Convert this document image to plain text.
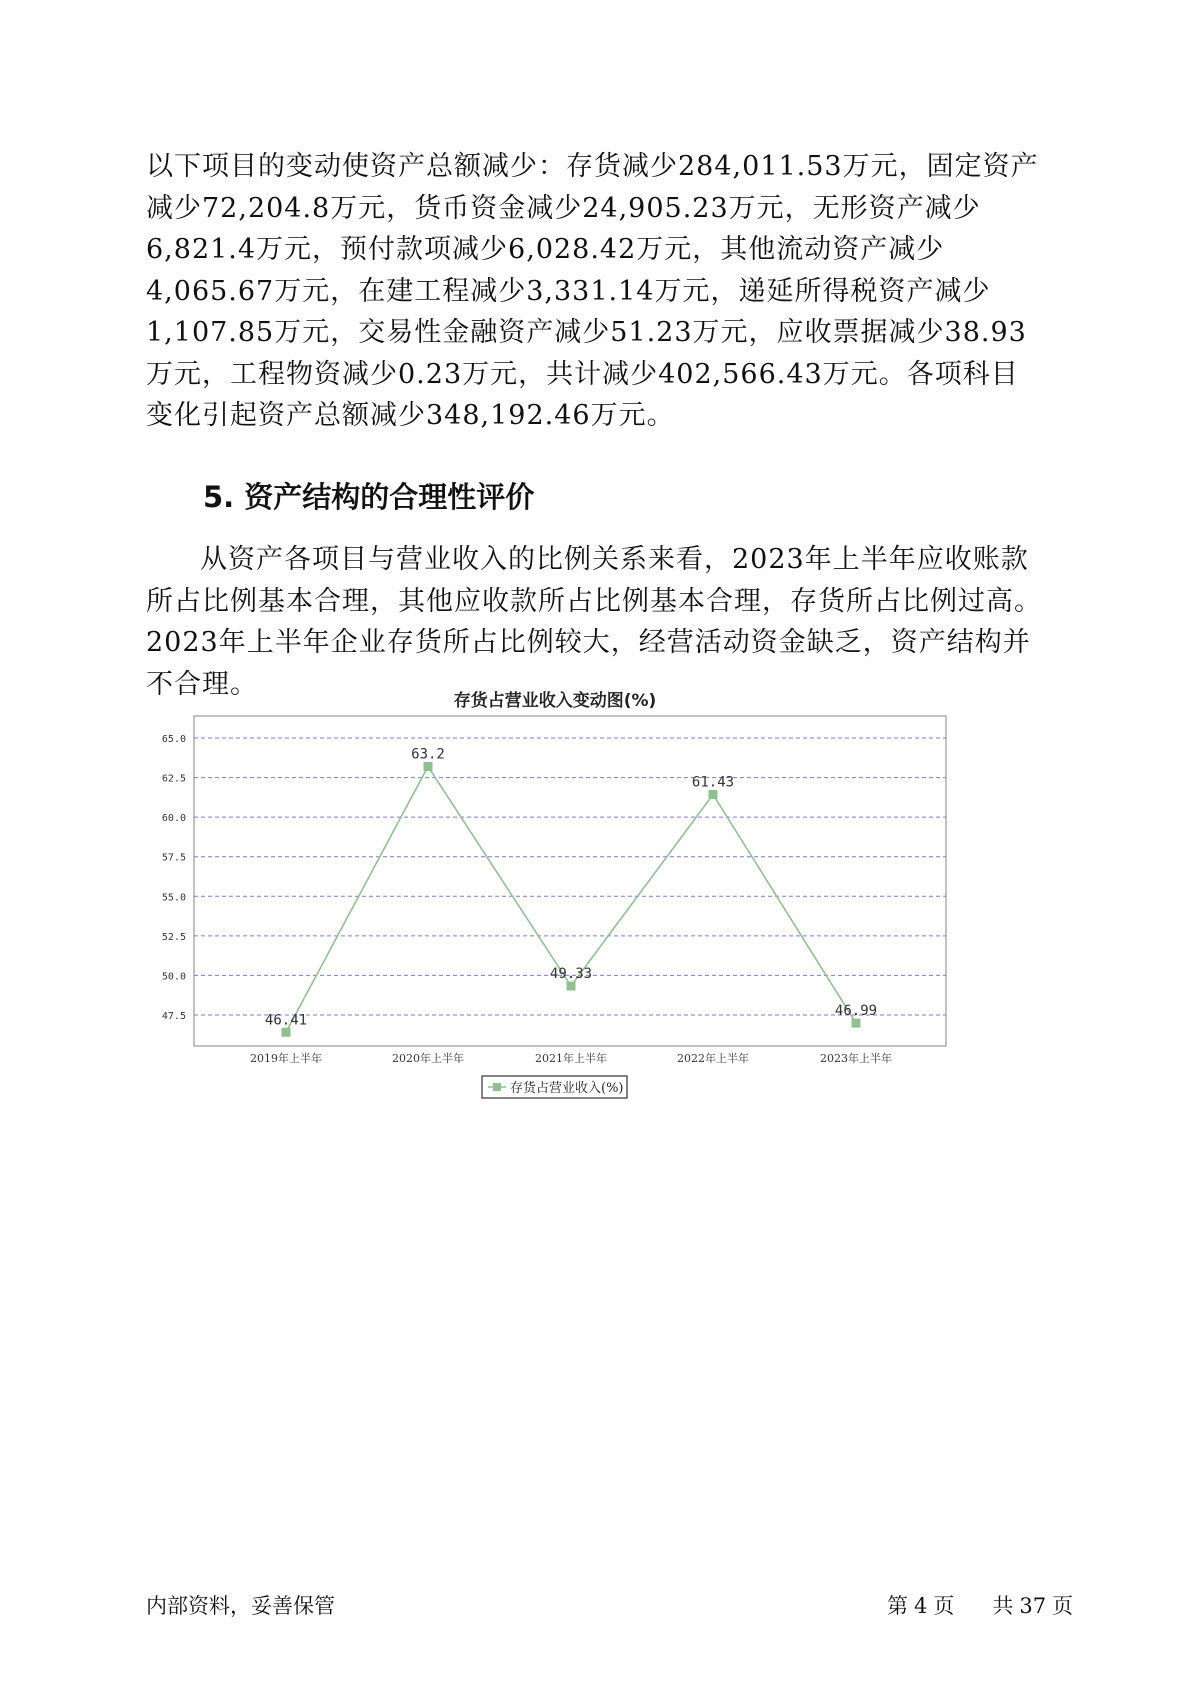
以下项目的变动使资产总额减少：存货减少284,011.53万元，固定资产减少72,204.8万元，货币资金减少24,905.23万元，无形资产减少6,821.4万元，预付款项减少6,028.42万元，其他流动资产减少4,065.67万元，在建工程减少3,331.14万元，递延所得税资产减少1,107.85万元，交易性金融资产减少51.23万元，应收票据减少38.93万元，工程物资减少0.23万元，共计减少402,566.43万元。各项科目变化引起资产总额减少348,192.46万元。
5. 资产结构的合理性评价
从资产各项目与营业收入的比例关系来看，2023年上半年应收账款所占比例基本合理，其他应收款所占比例基本合理，存货所占比例过高。2023年上半年企业存货所占比例较大，经营活动资金缺乏，资产结构并不合理。
存货占营业收入变动图(%)
47.5
50.0
52.5
55.0
57.5
60.0
62.5
65.0
2019年上半年	2020年上半年	2021年上半年	2022年上半年	2023年上半年
46.41
63.2
49.33
61.43
46.99
存货占营业收入(%)
内部资料，妥善保管	第 4 页 共 37 页
